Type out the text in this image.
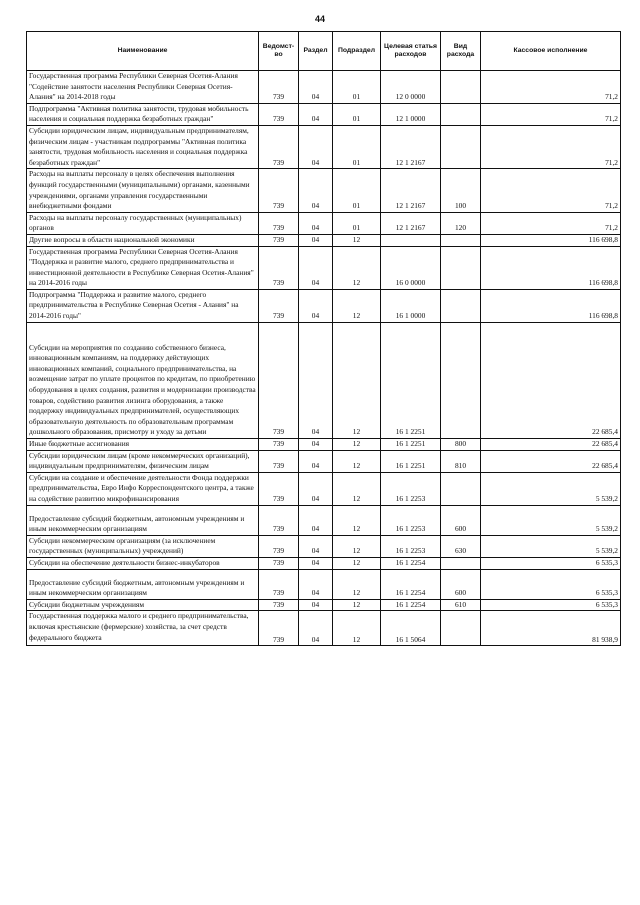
44
Наименование	Ведомст-во	Раздел	Подраздел	Целевая статья расходов	Вид расхода	Кассовое исполнение
Государственная программа Республики Северная Осетия-Алания "Содействие занятости населения Республики Северная Осетия-Алания" на 2014-2018 годы	739	04	01	12 0 0000		71,2
Подпрограмма "Активная политика занятости, трудовая мобильность населения и социальная поддержка безработных граждан"	739	04	01	12 1 0000		71,2
Субсидии юридическим лицам, индивидуальным предпринимателям, физическим лицам - участникам подпрограммы "Активная политика занятости, трудовая мобильность населения и социальная поддержка безработных граждан"	739	04	01	12 1 2167		71,2
Расходы на выплаты персоналу в целях обеспечения выполнения функций государственными (муниципальными) органами, казенными учреждениями, органами управления государственными внебюджетными фондами	739	04	01	12 1 2167	100	71,2
Расходы на выплаты персоналу государственных (муниципальных) органов	739	04	01	12 1 2167	120	71,2
Другие вопросы в области национальной экономики	739	04	12			116 698,8
Государственная программа Республики Северная Осетия-Алания "Поддержка и развитие малого, среднего предпринимательства и инвестиционной деятельности в Республике Северная Осетия-Алания" на 2014-2016 годы	739	04	12	16 0 0000		116 698,8
Подпрограмма "Поддержка и развитие малого, среднего предпринимательства в Республике Северная Осетия - Алания" на 2014-2016 годы"	739	04	12	16 1 0000		116 698,8
Субсидии на мероприятия по созданию собственного бизнеса, инновационным компаниям, на поддержку действующих инновационных компаний, социального предпринимательства, на возмещение затрат по уплате процентов по кредитам, по приобретению оборудования в целях создания, развития и модернизации производства товаров, содействию развития лизинга оборудования, а также поддержку индивидуальных предпринимателей, осуществляющих образовательную деятельность по образовательным программам дошкольного образования, присмотру и уходу за детьми	739	04	12	16 1 2251		22 685,4
Иные бюджетные ассигнования	739	04	12	16 1 2251	800	22 685,4
Субсидии юридическим лицам (кроме некоммерческих организаций), индивидуальным предпринимателям, физическим лицам	739	04	12	16 1 2251	810	22 685,4
Субсидии на создание и обеспечение деятельности Фонда поддержки предпринимательства, Евро Инфо Корреспондентского центра, а также на содействие развитию микрофинансирования	739	04	12	16 1 2253		5 539,2
Предоставление субсидий бюджетным, автономным учреждениям и иным некоммерческим организациям	739	04	12	16 1 2253	600	5 539,2
Субсидии некоммерческим организациям (за исключением государственных (муниципальных) учреждений)	739	04	12	16 1 2253	630	5 539,2
Субсидии на обеспечение деятельности бизнес-инкубаторов	739	04	12	16 1 2254		6 535,3
Предоставление субсидий бюджетным, автономным учреждениям и иным некоммерческим организациям	739	04	12	16 1 2254	600	6 535,3
Субсидии бюджетным учреждениям	739	04	12	16 1 2254	610	6 535,3
Государственная поддержка малого и среднего предпринимательства, включая крестьянские (фермерские) хозяйства, за счет средств федерального бюджета	739	04	12	16 1 5064		81 938,9
